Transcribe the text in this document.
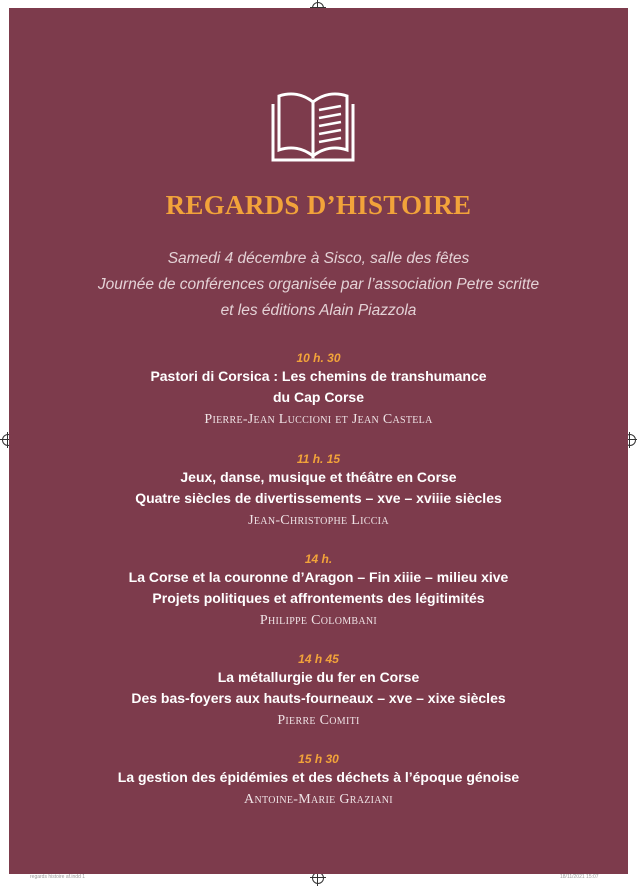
REGARDS D’HISTOIRE
Samedi 4 décembre à Sisco, salle des fêtes
Journée de conférences organisée par l’association Petre scritte
et les éditions Alain Piazzola
10 h. 30
Pastori di Corsica : Les chemins de transhumance
du Cap Corse
Pierre-Jean Luccioni et Jean Castela
11 h. 15
Jeux, danse, musique et théâtre en Corse
Quatre siècles de divertissements – xve – xviiie siècles
Jean-Christophe Liccia
14 h.
La Corse et la couronne d’Aragon – Fin xiiie – milieu xive
Projets politiques et affrontements des légitimités
Philippe Colombani
14 h 45
La métallurgie du fer en Corse
Des bas-foyers aux hauts-fourneaux – xve – xixe siècles
Pierre Comiti
15 h 30
La gestion des épidémies et des déchets à l’époque génoise
Antoine-Marie Graziani
regards histoire af.indd 1	18/11/2021 15:07
